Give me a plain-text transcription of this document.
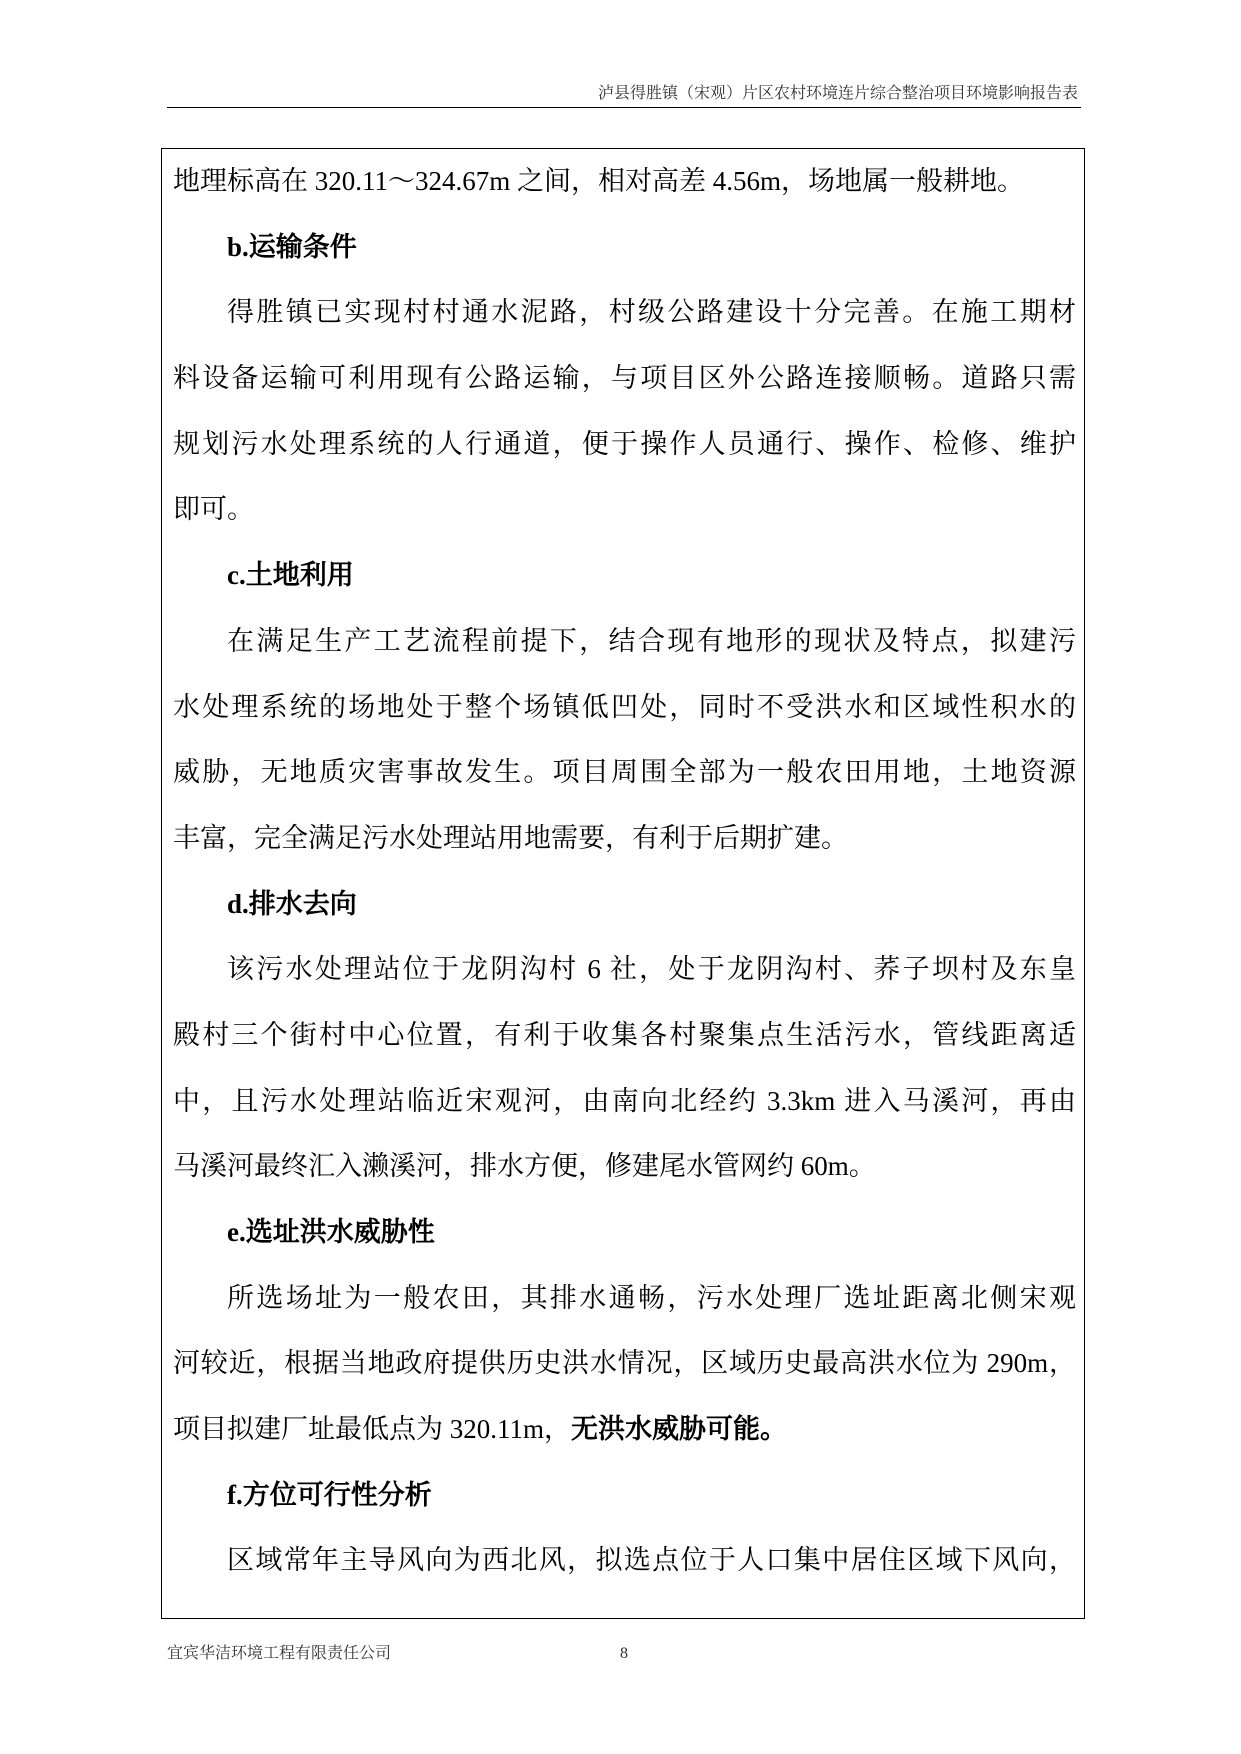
泸县得胜镇（宋观）片区农村环境连片综合整治项目环境影响报告表
地理标高在 320.11～324.67m 之间，相对高差 4.56m，场地属一般耕地。
b.运输条件
得胜镇已实现村村通水泥路，村级公路建设十分完善。在施工期材
料设备运输可利用现有公路运输，与项目区外公路连接顺畅。道路只需
规划污水处理系统的人行通道，便于操作人员通行、操作、检修、维护
即可。
c.土地利用
在满足生产工艺流程前提下，结合现有地形的现状及特点，拟建污
水处理系统的场地处于整个场镇低凹处，同时不受洪水和区域性积水的
威胁，无地质灾害事故发生。项目周围全部为一般农田用地，土地资源
丰富，完全满足污水处理站用地需要，有利于后期扩建。
d.排水去向
该污水处理站位于龙阴沟村 6 社，处于龙阴沟村、荞子坝村及东皇
殿村三个街村中心位置，有利于收集各村聚集点生活污水，管线距离适
中，且污水处理站临近宋观河，由南向北经约 3.3km 进入马溪河，再由
马溪河最终汇入濑溪河，排水方便，修建尾水管网约 60m。
e.选址洪水威胁性
所选场址为一般农田，其排水通畅，污水处理厂选址距离北侧宋观
河较近，根据当地政府提供历史洪水情况，区域历史最高洪水位为 290m，
项目拟建厂址最低点为 320.11m，无洪水威胁可能。
f.方位可行性分析
区域常年主导风向为西北风，拟选点位于人口集中居住区域下风向，
宜宾华洁环境工程有限责任公司	8
